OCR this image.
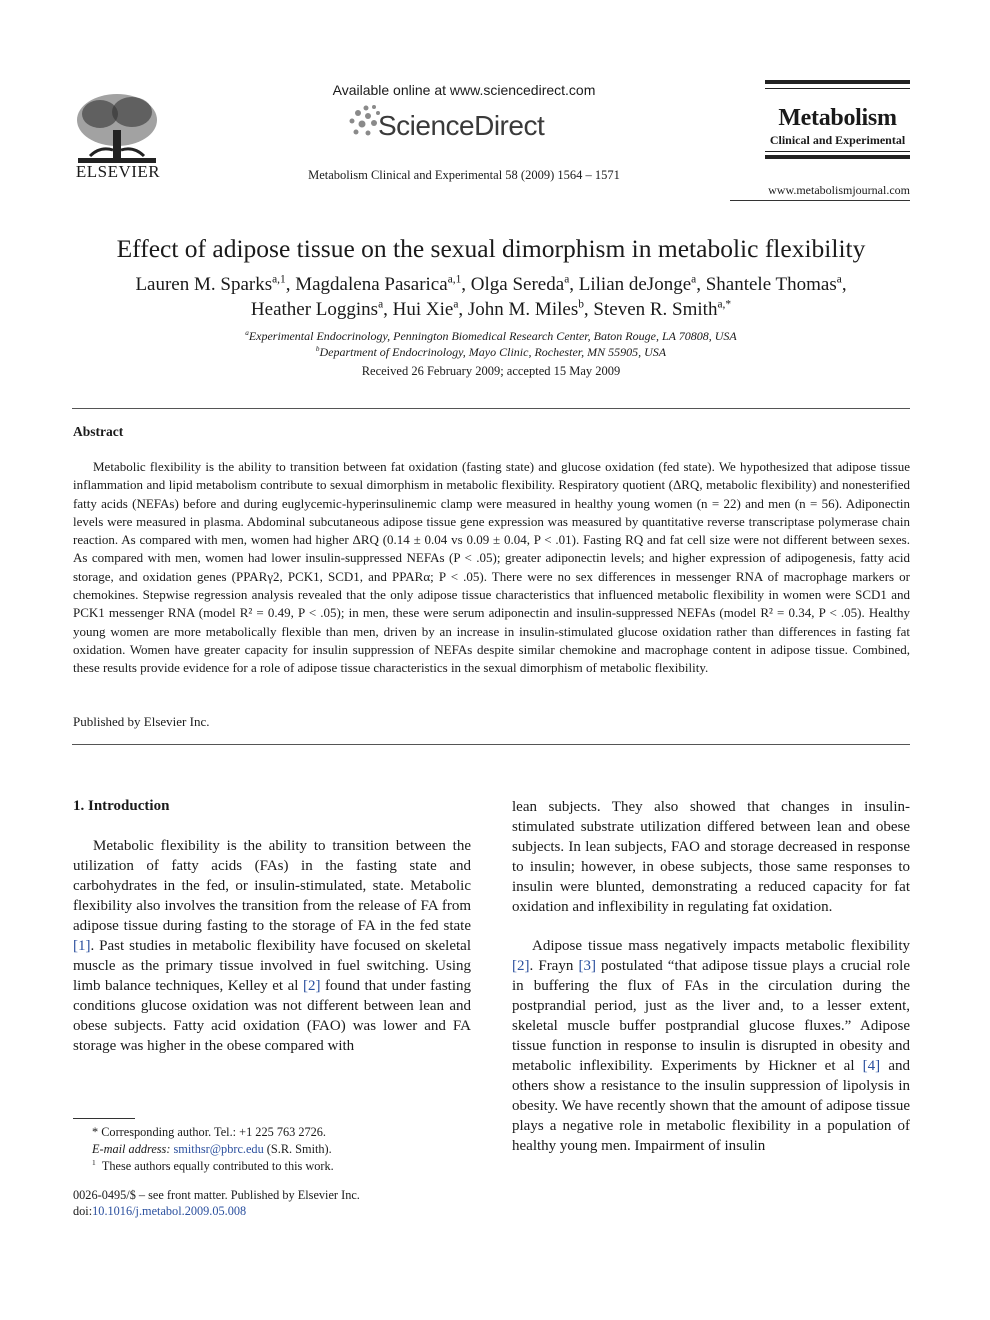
ELSEVIER
Available online at www.sciencedirect.com
ScienceDirect
Metabolism Clinical and Experimental 58 (2009) 1564 – 1571
Metabolism
Clinical and Experimental
www.metabolismjournal.com
Effect of adipose tissue on the sexual dimorphism in metabolic flexibility
Lauren M. Sparks$^{a,1}$, Magdalena Pasarica$^{a,1}$, Olga Sereda$^a$, Lilian deJonge$^a$, Shantele Thomas$^a$,
Heather Loggins$^a$, Hui Xie$^a$, John M. Miles$^b$, Steven R. Smith$^{a,*}$
$^a$Experimental Endocrinology, Pennington Biomedical Research Center, Baton Rouge, LA 70808, USA
$^b$Department of Endocrinology, Mayo Clinic, Rochester, MN 55905, USA
Received 26 February 2009; accepted 15 May 2009
Abstract
Metabolic flexibility is the ability to transition between fat oxidation (fasting state) and glucose oxidation (fed state). We hypothesized that adipose tissue inflammation and lipid metabolism contribute to sexual dimorphism in metabolic flexibility. Respiratory quotient (ΔRQ, metabolic flexibility) and nonesterified fatty acids (NEFAs) before and during euglycemic-hyperinsulinemic clamp were measured in healthy young women (n = 22) and men (n = 56). Adiponectin levels were measured in plasma. Abdominal subcutaneous adipose tissue gene expression was measured by quantitative reverse transcriptase polymerase chain reaction. As compared with men, women had higher ΔRQ (0.14 ± 0.04 vs 0.09 ± 0.04, P < .01). Fasting RQ and fat cell size were not different between sexes. As compared with men, women had lower insulin-suppressed NEFAs (P < .05); greater adiponectin levels; and higher expression of adipogenesis, fatty acid storage, and oxidation genes (PPARγ2, PCK1, SCD1, and PPARα; P < .05). There were no sex differences in messenger RNA of macrophage markers or chemokines. Stepwise regression analysis revealed that the only adipose tissue characteristics that influenced metabolic flexibility in women were SCD1 and PCK1 messenger RNA (model R² = 0.49, P < .05); in men, these were serum adiponectin and insulin-suppressed NEFAs (model R² = 0.34, P < .05). Healthy young women are more metabolically flexible than men, driven by an increase in insulin-stimulated glucose oxidation rather than differences in fasting fat oxidation. Women have greater capacity for insulin suppression of NEFAs despite similar chemokine and macrophage content in adipose tissue. Combined, these results provide evidence for a role of adipose tissue characteristics in the sexual dimorphism of metabolic flexibility.
Published by Elsevier Inc.
1. Introduction
Metabolic flexibility is the ability to transition between the utilization of fatty acids (FAs) in the fasting state and carbohydrates in the fed, or insulin-stimulated, state. Metabolic flexibility also involves the transition from the release of FA from adipose tissue during fasting to the storage of FA in the fed state [1]. Past studies in metabolic flexibility have focused on skeletal muscle as the primary tissue involved in fuel switching. Using limb balance techniques, Kelley et al [2] found that under fasting conditions glucose oxidation was not different between lean and obese subjects. Fatty acid oxidation (FAO) was lower and FA storage was higher in the obese compared with
lean subjects. They also showed that changes in insulin-stimulated substrate utilization differed between lean and obese subjects. In lean subjects, FAO and storage decreased in response to insulin; however, in obese subjects, those same responses to insulin were blunted, demonstrating a reduced capacity for fat oxidation and inflexibility in regulating fat oxidation.
Adipose tissue mass negatively impacts metabolic flexibility [2]. Frayn [3] postulated “that adipose tissue plays a crucial role in buffering the flux of FAs in the circulation during the postprandial period, just as the liver and, to a lesser extent, skeletal muscle buffer postprandial glucose fluxes.” Adipose tissue function in response to insulin is disrupted in obesity and metabolic inflexibility. Experiments by Hickner et al [4] and others show a resistance to the insulin suppression of lipolysis in obesity. We have recently shown that the amount of adipose tissue plays a negative role in metabolic flexibility in a population of healthy young men. Impairment of insulin
* Corresponding author. Tel.: +1 225 763 2726.
E-mail address: smithsr@pbrc.edu (S.R. Smith).
$^1$ These authors equally contributed to this work.
0026-0495/$ – see front matter. Published by Elsevier Inc.
doi:10.1016/j.metabol.2009.05.008
